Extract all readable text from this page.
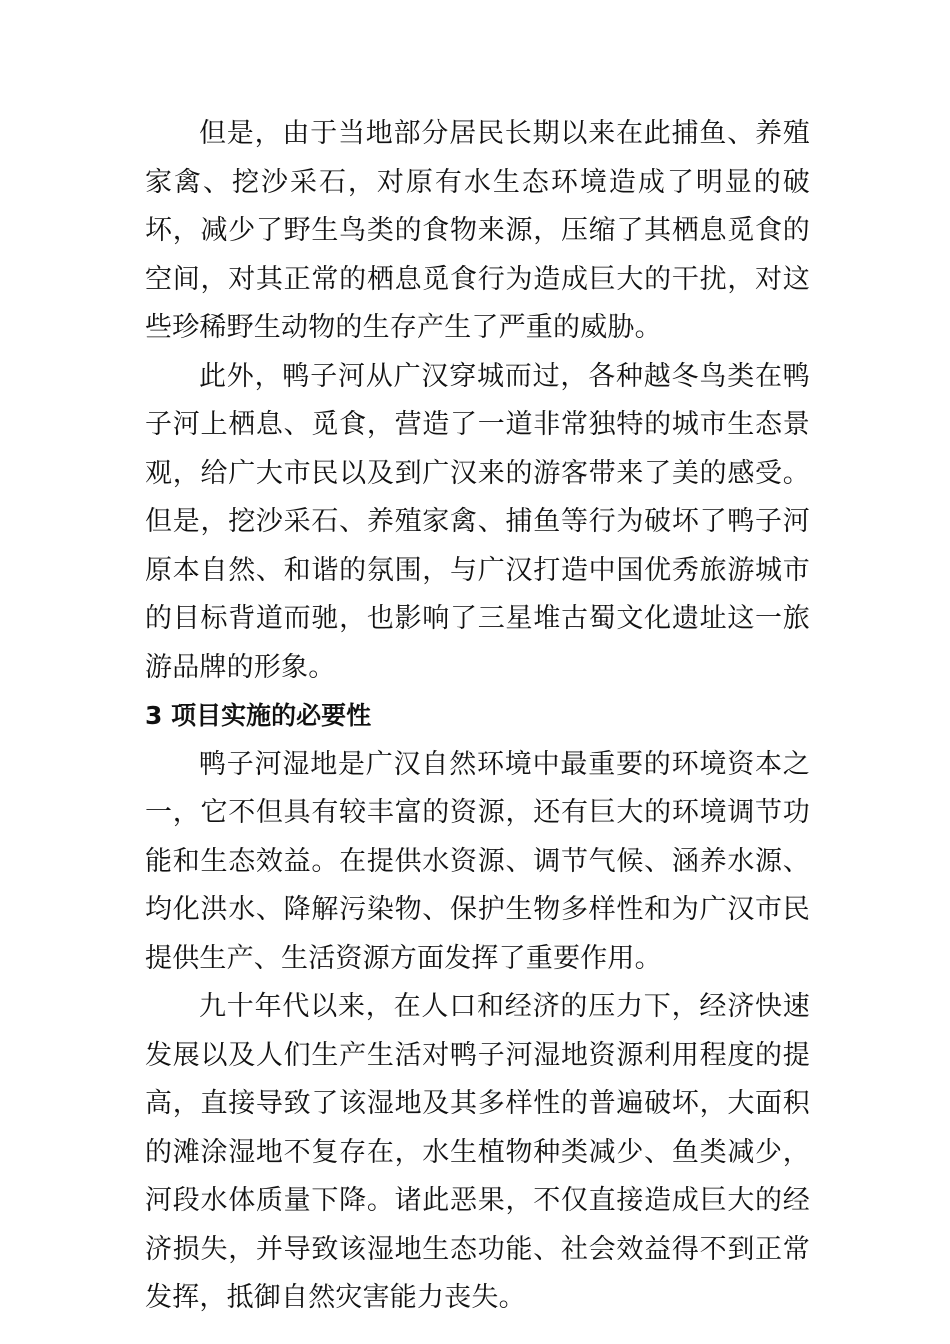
但是，由于当地部分居民长期以来在此捕鱼、养殖家禽、挖沙采石，对原有水生态环境造成了明显的破坏，减少了野生鸟类的食物来源，压缩了其栖息觅食的空间，对其正常的栖息觅食行为造成巨大的干扰，对这些珍稀野生动物的生存产生了严重的威胁。

此外，鸭子河从广汉穿城而过，各种越冬鸟类在鸭子河上栖息、觅食，营造了一道非常独特的城市生态景观，给广大市民以及到广汉来的游客带来了美的感受。但是，挖沙采石、养殖家禽、捕鱼等行为破坏了鸭子河原本自然、和谐的氛围，与广汉打造中国优秀旅游城市的目标背道而驰，也影响了三星堆古蜀文化遗址这一旅游品牌的形象。

3 项目实施的必要性

鸭子河湿地是广汉自然环境中最重要的环境资本之一，它不但具有较丰富的资源，还有巨大的环境调节功能和生态效益。在提供水资源、调节气候、涵养水源、均化洪水、降解污染物、保护生物多样性和为广汉市民提供生产、生活资源方面发挥了重要作用。

九十年代以来，在人口和经济的压力下，经济快速发展以及人们生产生活对鸭子河湿地资源利用程度的提高，直接导致了该湿地及其多样性的普遍破坏，大面积的滩涂湿地不复存在，水生植物种类减少、鱼类减少，河段水体质量下降。诸此恶果，不仅直接造成巨大的经济损失，并导致该湿地生态功能、社会效益得不到正常发挥，抵御自然灾害能力丧失。
